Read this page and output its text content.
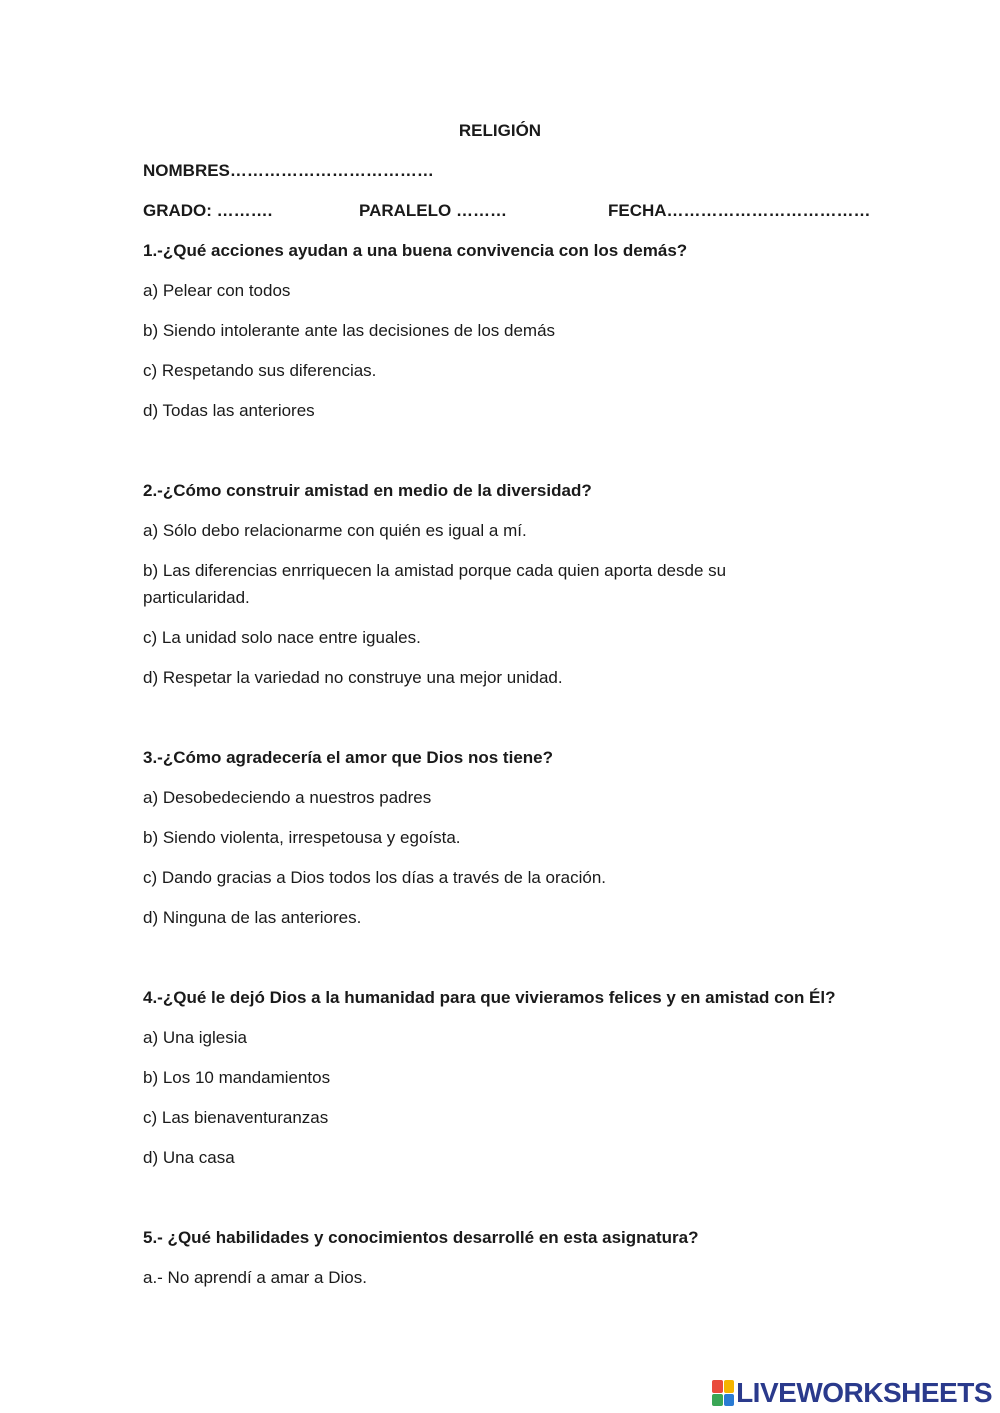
RELIGIÓN
NOMBRES………………………………
GRADO: ……….	PARALELO ………	FECHA………………………………
1.-¿Qué acciones ayudan a una buena convivencia con los demás?
a) Pelear con todos
b) Siendo intolerante ante las decisiones de los demás
c) Respetando sus diferencias.
d) Todas las anteriores
2.-¿Cómo construir amistad en medio de la diversidad?
a) Sólo debo relacionarme con quién es igual a mí.
b) Las diferencias enrriquecen la amistad porque cada quien aporta desde su particularidad.
c) La unidad solo nace entre iguales.
d) Respetar la variedad no construye una mejor unidad.
3.-¿Cómo agradecería el amor que Dios nos tiene?
a) Desobedeciendo a nuestros padres
b) Siendo violenta, irrespetousa y egoísta.
c) Dando gracias a Dios todos los días a través de la oración.
d) Ninguna de las anteriores.
4.-¿Qué le dejó Dios a la humanidad para que vivieramos felices y en amistad con Él?
a) Una iglesia
b) Los 10 mandamientos
c) Las bienaventuranzas
d) Una casa
5.- ¿Qué habilidades y conocimientos desarrollé en esta asignatura?
a.- No aprendí a amar a Dios.
LIVEWORKSHEETS
